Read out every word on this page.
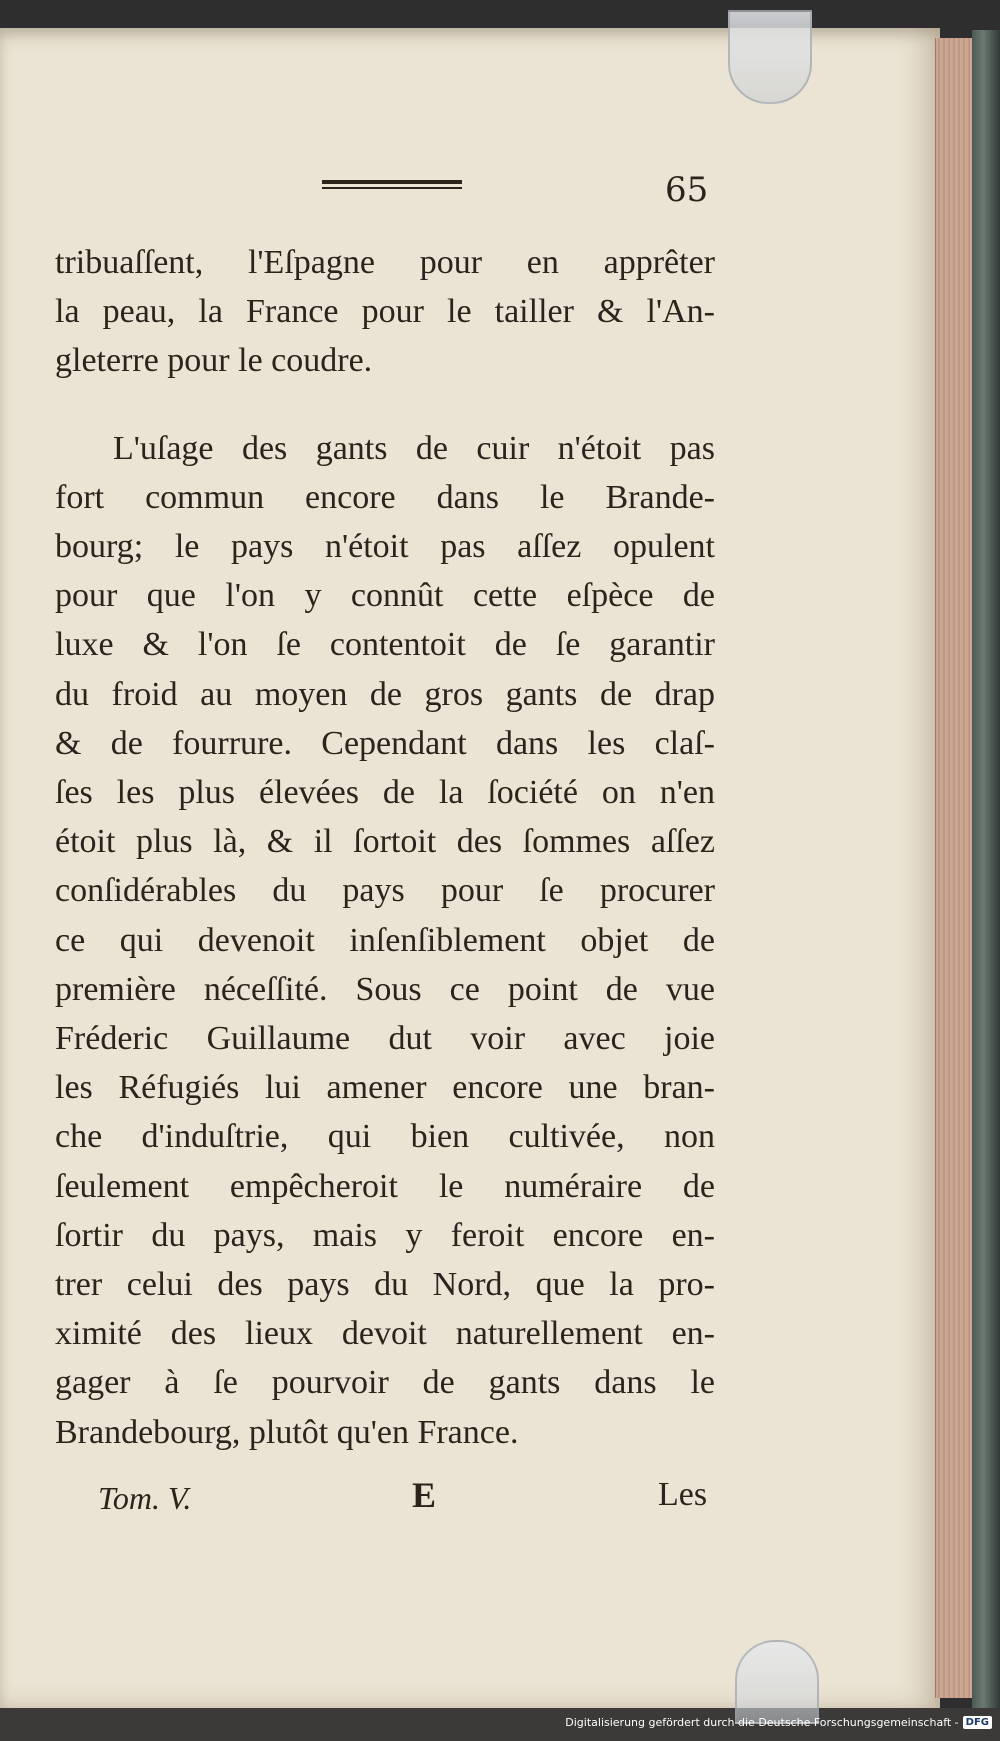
65
tribuaſſent, l'Eſpagne pour en apprêter
la peau, la France pour le tailler & l'An-
gleterre pour le coudre.
L'uſage des gants de cuir n'étoit pas
fort commun encore dans le Brande-
bourg; le pays n'étoit pas aſſez opulent
pour que l'on y connût cette eſpèce de
luxe & l'on ſe contentoit de ſe garantir
du froid au moyen de gros gants de drap
& de fourrure. Cependant dans les claſ-
ſes les plus élevées de la ſociété on n'en
étoit plus là, & il ſortoit des ſommes aſſez
conſidérables du pays pour ſe procurer
ce qui devenoit inſenſiblement objet de
première néceſſité. Sous ce point de vue
Fréderic Guillaume dut voir avec joie
les Réfugiés lui amener encore une bran-
che d'induſtrie, qui bien cultivée, non
ſeulement empêcheroit le numéraire de
ſortir du pays, mais y feroit encore en-
trer celui des pays du Nord, que la pro-
ximité des lieux devoit naturellement en-
gager à ſe pourvoir de gants dans le
Brandebourg, plutôt qu'en France.
Tom. V.	E	Les
Digitalisierung gefördert durch die Deutsche Forschungsgemeinschaft - DFG
